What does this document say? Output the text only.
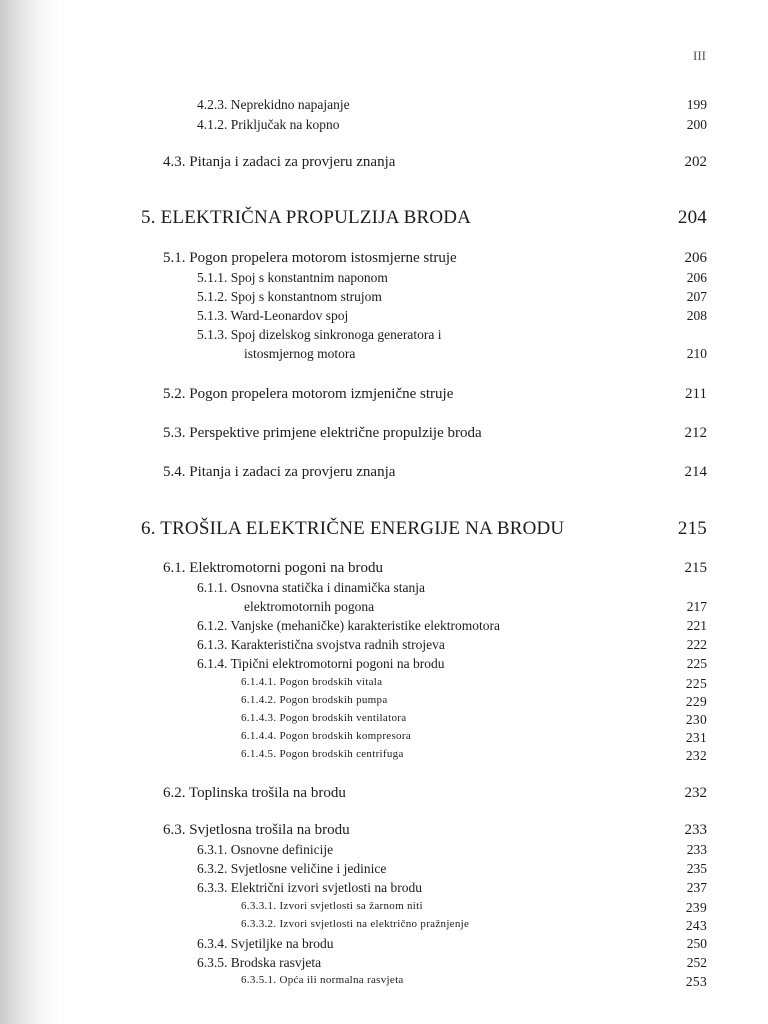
III
4.2.3. Neprekidno napajanje	199
4.1.2. Priključak na kopno	200
4.3. Pitanja i zadaci za provjeru znanja	202
5. ELEKTRIČNA PROPULZIJA BRODA	204
5.1. Pogon propelera motorom istosmjerne struje	206
5.1.1. Spoj s konstantnim naponom	206
5.1.2. Spoj s konstantnom strujom	207
5.1.3. Ward-Leonardov spoj	208
5.1.3. Spoj dizelskog sinkronoga generatora i
istosmjernog motora	210
5.2. Pogon propelera motorom izmjenične struje	211
5.3. Perspektive primjene električne propulzije broda	212
5.4. Pitanja i zadaci za provjeru znanja	214
6. TROŠILA ELEKTRIČNE ENERGIJE NA BRODU	215
6.1. Elektromotorni pogoni na brodu	215
6.1.1. Osnovna statička i dinamička stanja
elektromotornih pogona	217
6.1.2. Vanjske (mehaničke) karakteristike elektromotora	221
6.1.3. Karakteristična svojstva radnih strojeva	222
6.1.4. Tipični elektromotorni pogoni na brodu	225
6.1.4.1. Pogon brodskih vitala	225
6.1.4.2. Pogon brodskih pumpa	229
6.1.4.3. Pogon brodskih ventilatora	230
6.1.4.4. Pogon brodskih kompresora	231
6.1.4.5. Pogon brodskih centrifuga	232
6.2. Toplinska trošila na brodu	232
6.3. Svjetlosna trošila na brodu	233
6.3.1. Osnovne definicije	233
6.3.2. Svjetlosne veličine i jedinice	235
6.3.3. Električni izvori svjetlosti na brodu	237
6.3.3.1. Izvori svjetlosti sa žarnom niti	239
6.3.3.2. Izvori svjetlosti na električno pražnjenje	243
6.3.4. Svjetiljke na brodu	250
6.3.5. Brodska rasvjeta	252
6.3.5.1. Opća ili normalna rasvjeta	253
